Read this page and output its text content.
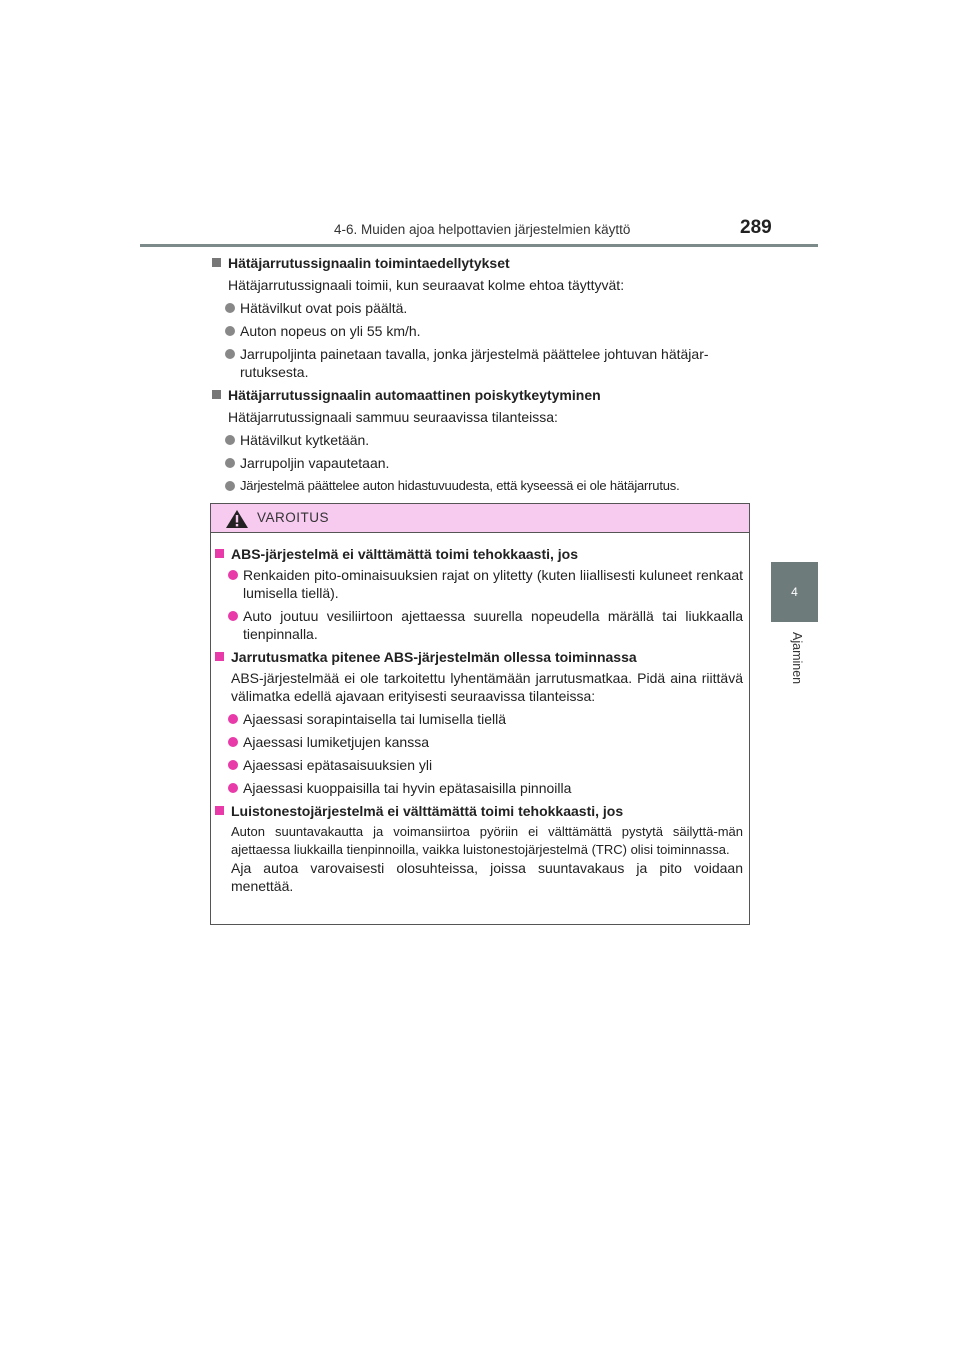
4-6. Muiden ajoa helpottavien järjestelmien käyttö	289
4
Ajaminen
Hätäjarrutussignaalin toimintaedellytykset
Hätäjarrutussignaali toimii, kun seuraavat kolme ehtoa täyttyvät:
Hätävilkut ovat pois päältä.
Auton nopeus on yli 55 km/h.
Jarrupoljinta painetaan tavalla, jonka järjestelmä päättelee johtuvan hätäjar-rutuksesta.
Hätäjarrutussignaalin automaattinen poiskytkeytyminen
Hätäjarrutussignaali sammuu seuraavissa tilanteissa:
Hätävilkut kytketään.
Jarrupoljin vapautetaan.
Järjestelmä päättelee auton hidastuvuudesta, että kyseessä ei ole hätäjarrutus.
VAROITUS
ABS-järjestelmä ei välttämättä toimi tehokkaasti, jos
Renkaiden pito-ominaisuuksien rajat on ylitetty (kuten liiallisesti kuluneet renkaat lumisella tiellä).
Auto joutuu vesiliirtoon ajettaessa suurella nopeudella märällä tai liukkaalla tienpinnalla.
Jarrutusmatka pitenee ABS-järjestelmän ollessa toiminnassa
ABS-järjestelmää ei ole tarkoitettu lyhentämään jarrutusmatkaa. Pidä aina riittävä välimatka edellä ajavaan erityisesti seuraavissa tilanteissa:
Ajaessasi sorapintaisella tai lumisella tiellä
Ajaessasi lumiketjujen kanssa
Ajaessasi epätasaisuuksien yli
Ajaessasi kuoppaisilla tai hyvin epätasaisilla pinnoilla
Luistonestojärjestelmä ei välttämättä toimi tehokkaasti, jos
Auton suuntavakautta ja voimansiirtoa pyöriin ei välttämättä pystytä säilyttä-män ajettaessa liukkailla tienpinnoilla, vaikka luistonestojärjestelmä (TRC) olisi toiminnassa.
Aja autoa varovaisesti olosuhteissa, joissa suuntavakaus ja pito voidaan menettää.
